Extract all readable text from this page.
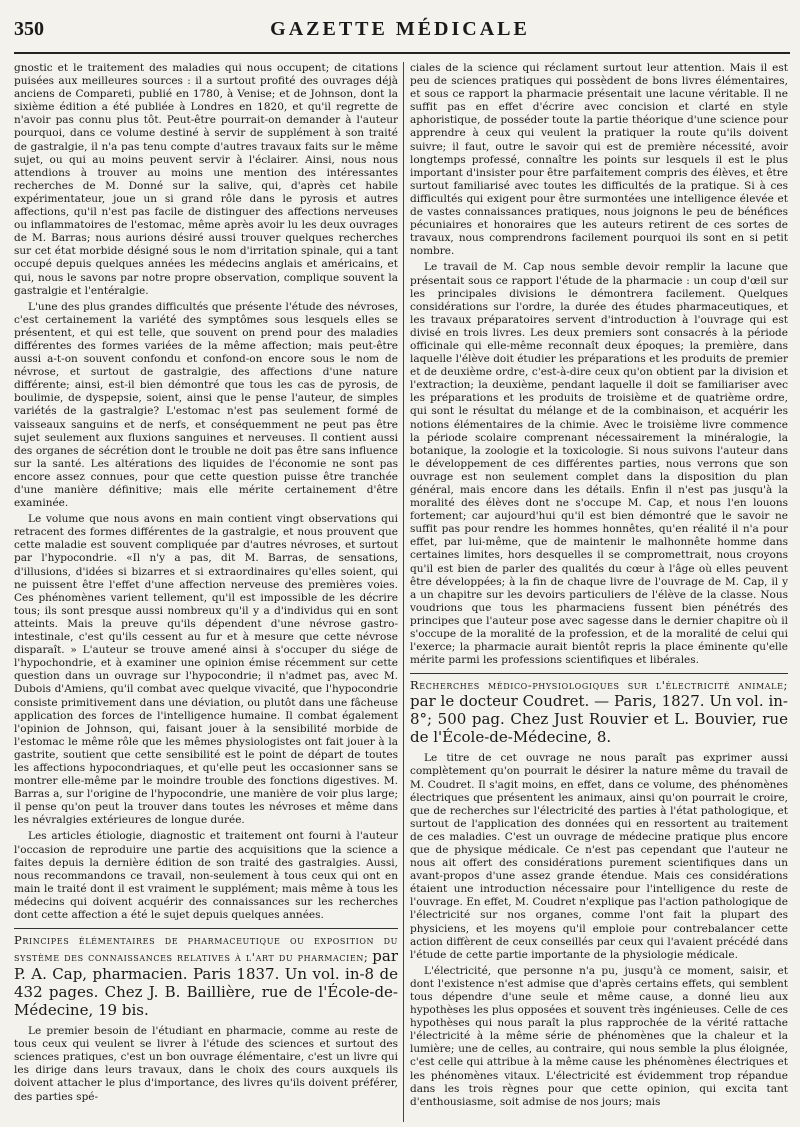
350	GAZETTE MÉDICALE

gnostic et le traitement des maladies qui nous occupent; de citations puisées aux meilleures sources : il a surtout profité des ouvrages déjà anciens de Compareti, publié en 1780, à Venise; et de Johnson, dont la sixième édition a été publiée à Londres en 1820, et qu'il regrette de n'avoir pas connu plus tôt. Peut-être pourrait-on demander à l'auteur pourquoi, dans ce volume destiné à servir de supplément à son traité de gastralgie, il n'a pas tenu compte d'autres travaux faits sur le même sujet, ou qui au moins peuvent servir à l'éclairer. Ainsi, nous nous attendions à trouver au moins une mention des intéressantes recherches de M. Donné sur la salive, qui, d'après cet habile expérimentateur, joue un si grand rôle dans le pyrosis et autres affections, qu'il n'est pas facile de distinguer des affections nerveuses ou inflammatoires de l'estomac, même après avoir lu les deux ouvrages de M. Barras; nous aurions désiré aussi trouver quelques recherches sur cet état morbide désigné sous le nom d'irritation spinale, qui a tant occupé depuis quelques années les médecins anglais et américains, et qui, nous le savons par notre propre observation, complique souvent la gastralgie et l'entéralgie.

L'une des plus grandes difficultés que présente l'étude des névroses, c'est certainement la variété des symptômes sous lesquels elles se présentent, et qui est telle, que souvent on prend pour des maladies différentes des formes variées de la même affection; mais peut-être aussi a-t-on souvent confondu et confond-on encore sous le nom de névrose, et surtout de gastralgie, des affections d'une nature différente; ainsi, est-il bien démontré que tous les cas de pyrosis, de boulimie, de dyspepsie, soient, ainsi que le pense l'auteur, de simples variétés de la gastralgie? L'estomac n'est pas seulement formé de vaisseaux sanguins et de nerfs, et conséquemment ne peut pas être sujet seulement aux fluxions sanguines et nerveuses. Il contient aussi des organes de sécrétion dont le trouble ne doit pas être sans influence sur la santé. Les altérations des liquides de l'économie ne sont pas encore assez connues, pour que cette question puisse être tranchée d'une manière définitive; mais elle mérite certainement d'être examinée.

Le volume que nous avons en main contient vingt observations qui retracent des formes différentes de la gastralgie, et nous prouvent que cette maladie est souvent compliquée par d'autres névroses, et surtout par l'hypocondrie. «Il n'y a pas, dit M. Barras, de sensations, d'illusions, d'idées si bizarres et si extraordinaires qu'elles soient, qui ne puissent être l'effet d'une affection nerveuse des premières voies. Ces phénomènes varient tellement, qu'il est impossible de les décrire tous; ils sont presque aussi nombreux qu'il y a d'individus qui en sont atteints. Mais la preuve qu'ils dépendent d'une névrose gastro-intestinale, c'est qu'ils cessent au fur et à mesure que cette névrose disparaît. » L'auteur se trouve amené ainsi à s'occuper du siége de l'hypochondrie, et à examiner une opinion émise récemment sur cette question dans un ouvrage sur l'hypocondrie; il n'admet pas, avec M. Dubois d'Amiens, qu'il combat avec quelque vivacité, que l'hypocondrie consiste primitivement dans une déviation, ou plutôt dans une fâcheuse application des forces de l'intelligence humaine. Il combat également l'opinion de Johnson, qui, faisant jouer à la sensibilité morbide de l'estomac le même rôle que les mêmes physiologistes ont fait jouer à la gastrite, soutient que cette sensibilité est le point de départ de toutes les affections hypocondriaques, et qu'elle peut les occasionner sans se montrer elle-même par le moindre trouble des fonctions digestives. M. Barras a, sur l'origine de l'hypocondrie, une manière de voir plus large; il pense qu'on peut la trouver dans toutes les névroses et même dans les névralgies extérieures de longue durée.

Les articles étiologie, diagnostic et traitement ont fourni à l'auteur l'occasion de reproduire une partie des acquisitions que la science a faites depuis la dernière édition de son traité des gastralgies. Aussi, nous recommandons ce travail, non-seulement à tous ceux qui ont en main le traité dont il est vraiment le supplément; mais même à tous les médecins qui doivent acquérir des connaissances sur les recherches dont cette affection a été le sujet depuis quelques années.

Principes élémentaires de pharmaceutique ou exposition du système des connaissances relatives à l'art du pharmacien; par P. A. Cap, pharmacien. Paris 1837. Un vol. in-8 de 432 pages. Chez J. B. Baillière, rue de l'École-de-Médecine, 19 bis.

Le premier besoin de l'étudiant en pharmacie, comme au reste de tous ceux qui veulent se livrer à l'étude des sciences et surtout des sciences pratiques, c'est un bon ouvrage élémentaire, c'est un livre qui les dirige dans leurs travaux, dans le choix des cours auxquels ils doivent attacher le plus d'importance, des livres qu'ils doivent préférer, des parties spé-

ciales de la science qui réclament surtout leur attention. Mais il est peu de sciences pratiques qui possèdent de bons livres élémentaires, et sous ce rapport la pharmacie présentait une lacune véritable. Il ne suffit pas en effet d'écrire avec concision et clarté en style aphoristique, de posséder toute la partie théorique d'une science pour apprendre à ceux qui veulent la pratiquer la route qu'ils doivent suivre; il faut, outre le savoir qui est de première nécessité, avoir longtemps professé, connaître les points sur lesquels il est le plus important d'insister pour être parfaitement compris des élèves, et être surtout familiarisé avec toutes les difficultés de la pratique. Si à ces difficultés qui exigent pour être surmontées une intelligence élevée et de vastes connaissances pratiques, nous joignons le peu de bénéfices pécuniaires et honoraires que les auteurs retirent de ces sortes de travaux, nous comprendrons facilement pourquoi ils sont en si petit nombre.

Le travail de M. Cap nous semble devoir remplir la lacune que présentait sous ce rapport l'étude de la pharmacie : un coup d'œil sur les principales divisions le démontrera facilement. Quelques considérations sur l'ordre, la durée des études pharmaceutiques, et les travaux préparatoires servent d'introduction à l'ouvrage qui est divisé en trois livres. Les deux premiers sont consacrés à la période officinale qui elle-même reconnaît deux époques; la première, dans laquelle l'élève doit étudier les préparations et les produits de premier et de deuxième ordre, c'est-à-dire ceux qu'on obtient par la division et l'extraction; la deuxième, pendant laquelle il doit se familiariser avec les préparations et les produits de troisième et de quatrième ordre, qui sont le résultat du mélange et de la combinaison, et acquérir les notions élémentaires de la chimie. Avec le troisième livre commence la période scolaire comprenant nécessairement la minéralogie, la botanique, la zoologie et la toxicologie. Si nous suivons l'auteur dans le développement de ces différentes parties, nous verrons que son ouvrage est non seulement complet dans la disposition du plan général, mais encore dans les détails. Enfin il n'est pas jusqu'à la moralité des élèves dont ne s'occupe M. Cap, et nous l'en louons fortement; car aujourd'hui qu'il est bien démontré que le savoir ne suffit pas pour rendre les hommes honnêtes, qu'en réalité il n'a pour effet, par lui-même, que de maintenir le malhonnête homme dans certaines limites, hors desquelles il se compromettrait, nous croyons qu'il est bien de parler des qualités du cœur à l'âge où elles peuvent être développées; à la fin de chaque livre de l'ouvrage de M. Cap, il y a un chapitre sur les devoirs particuliers de l'élève de la classe. Nous voudrions que tous les pharmaciens fussent bien pénétrés des principes que l'auteur pose avec sagesse dans le dernier chapitre où il s'occupe de la moralité de la profession, et de la moralité de celui qui l'exerce; la pharmacie aurait bientôt repris la place éminente qu'elle mérite parmi les professions scientifiques et libérales.

Recherches médico-physiologiques sur l'électricité animale; par le docteur Coudret. — Paris, 1827. Un vol. in-8°; 500 pag. Chez Just Rouvier et L. Bouvier, rue de l'École-de-Médecine, 8.

Le titre de cet ouvrage ne nous paraît pas exprimer aussi complètement qu'on pourrait le désirer la nature même du travail de M. Coudret. Il s'agit moins, en effet, dans ce volume, des phénomènes électriques que présentent les animaux, ainsi qu'on pourrait le croire, que de recherches sur l'électricité des parties à l'état pathologique, et surtout de l'application des données qui en ressortent au traitement de ces maladies. C'est un ouvrage de médecine pratique plus encore que de physique médicale. Ce n'est pas cependant que l'auteur ne nous ait offert des considérations purement scientifiques dans un avant-propos d'une assez grande étendue. Mais ces considérations étaient une introduction nécessaire pour l'intelligence du reste de l'ouvrage. En effet, M. Coudret n'explique pas l'action pathologique de l'électricité sur nos organes, comme l'ont fait la plupart des physiciens, et les moyens qu'il emploie pour contrebalancer cette action diffèrent de ceux conseillés par ceux qui l'avaient précédé dans l'étude de cette partie importante de la physiologie médicale.

L'électricité, que personne n'a pu, jusqu'à ce moment, saisir, et dont l'existence n'est admise que d'après certains effets, qui semblent tous dépendre d'une seule et même cause, a donné lieu aux hypothèses les plus opposées et souvent très ingénieuses. Celle de ces hypothèses qui nous paraît la plus rapprochée de la vérité rattache l'électricité à la même série de phénomènes que la chaleur et la lumière; une de celles, au contraire, qui nous semble la plus éloignée, c'est celle qui attribue à la même cause les phénomènes électriques et les phénomènes vitaux. L'électricité est évidemment trop répandue dans les trois règnes pour que cette opinion, qui excita tant d'enthousiasme, soit admise de nos jours; mais
